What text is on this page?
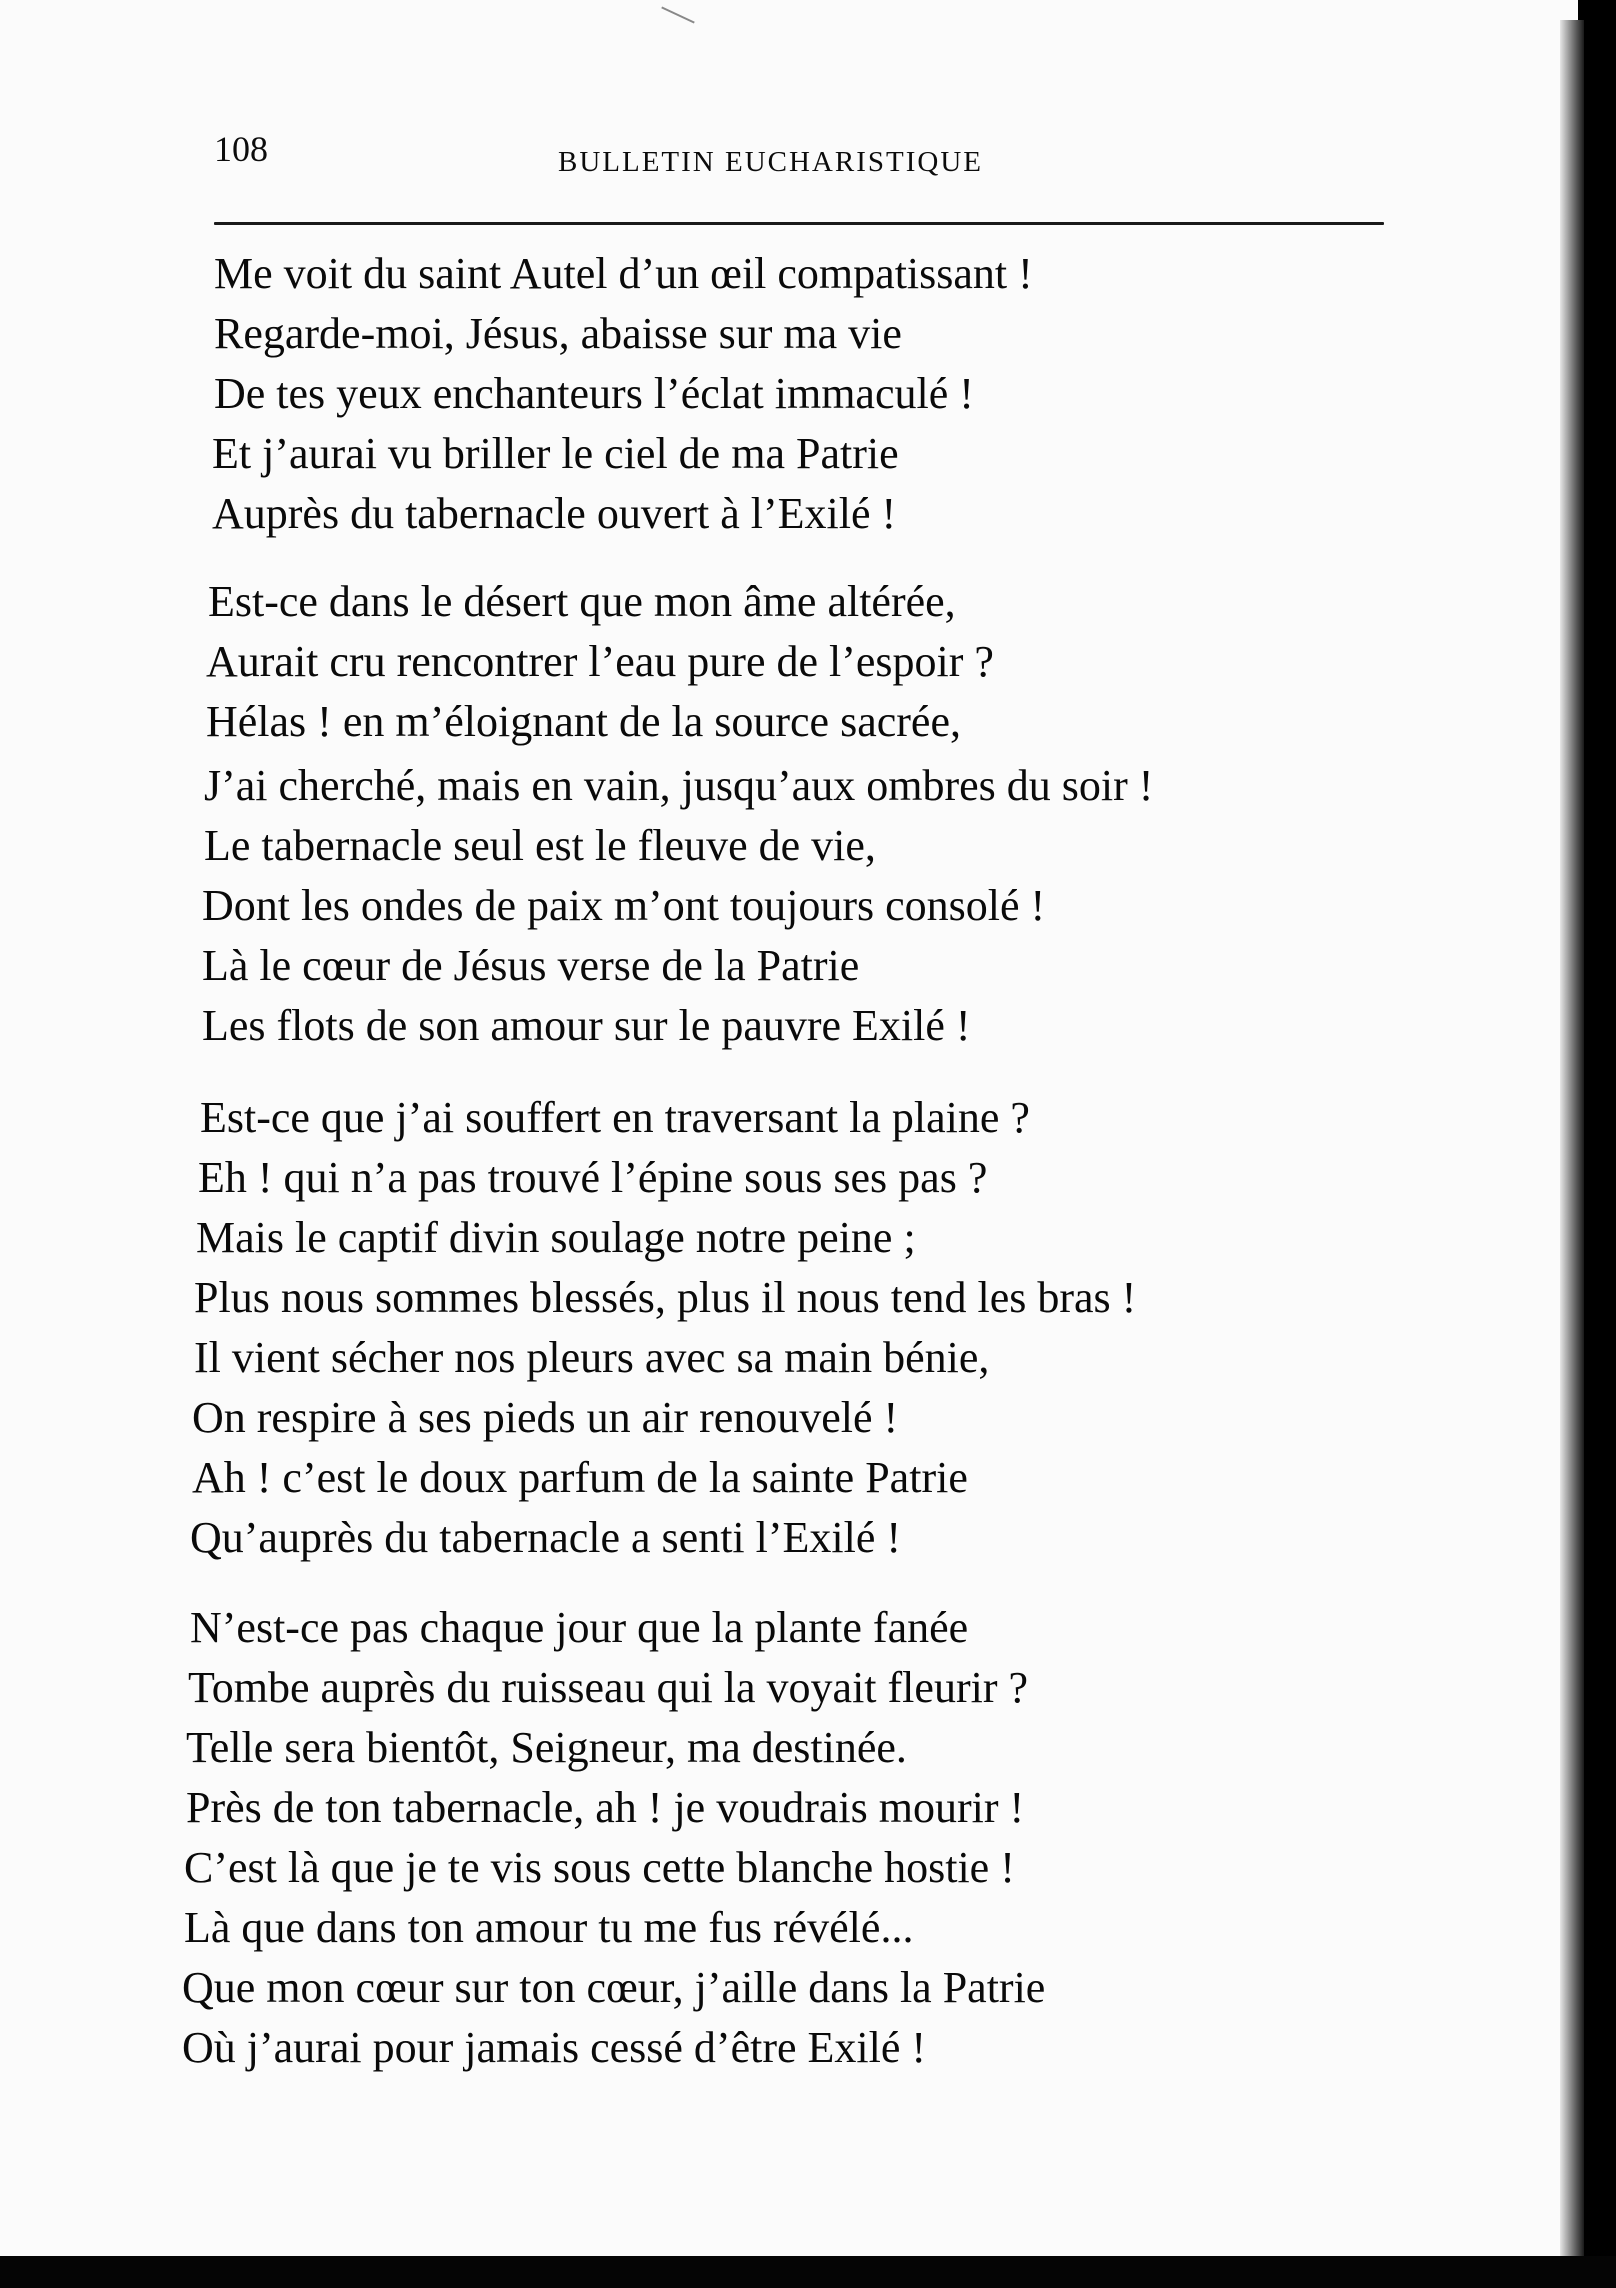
108	BULLETIN EUCHARISTIQUE
Me voit du saint Autel d’un œil compatissant !
Regarde-moi, Jésus, abaisse sur ma vie
De tes yeux enchanteurs l’éclat immaculé !
Et j’aurai vu briller le ciel de ma Patrie
Auprès du tabernacle ouvert à l’Exilé !
Est-ce dans le désert que mon âme altérée,
Aurait cru rencontrer l’eau pure de l’espoir ?
Hélas ! en m’éloignant de la source sacrée,
J’ai cherché, mais en vain, jusqu’aux ombres du soir !
Le tabernacle seul est le fleuve de vie,
Dont les ondes de paix m’ont toujours consolé !
Là le cœur de Jésus verse de la Patrie
Les flots de son amour sur le pauvre Exilé !
Est-ce que j’ai souffert en traversant la plaine ?
Eh ! qui n’a pas trouvé l’épine sous ses pas ?
Mais le captif divin soulage notre peine ;
Plus nous sommes blessés, plus il nous tend les bras !
Il vient sécher nos pleurs avec sa main bénie,
On respire à ses pieds un air renouvelé !
Ah ! c’est le doux parfum de la sainte Patrie
Qu’auprès du tabernacle a senti l’Exilé !
N’est-ce pas chaque jour que la plante fanée
Tombe auprès du ruisseau qui la voyait fleurir ?
Telle sera bientôt, Seigneur, ma destinée.
Près de ton tabernacle, ah ! je voudrais mourir !
C’est là que je te vis sous cette blanche hostie !
Là que dans ton amour tu me fus révélé...
Que mon cœur sur ton cœur, j’aille dans la Patrie
Où j’aurai pour jamais cessé d’être Exilé !
